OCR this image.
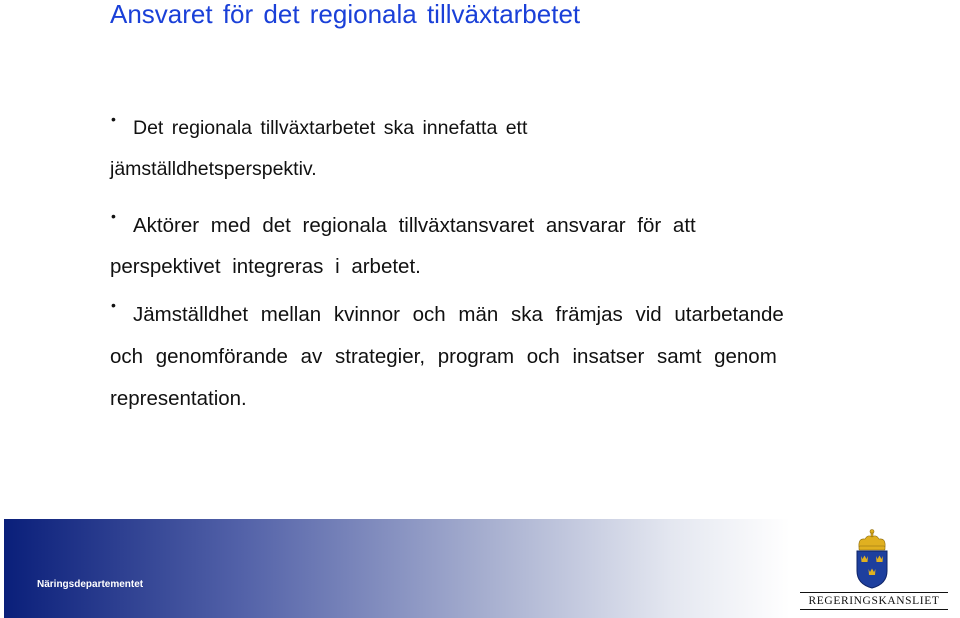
Ansvaret för det regionala tillväxtarbetet
• Det regionala tillväxtarbetet ska innefatta ett
jämställdhetsperspektiv.
• Aktörer med det regionala tillväxtansvaret ansvarar för att
perspektivet integreras i arbetet.
• Jämställdhet mellan kvinnor och män ska främjas vid utarbetande
och genomförande av strategier, program och insatser samt genom
representation.
Näringsdepartementet
REGERINGSKANSLIET
